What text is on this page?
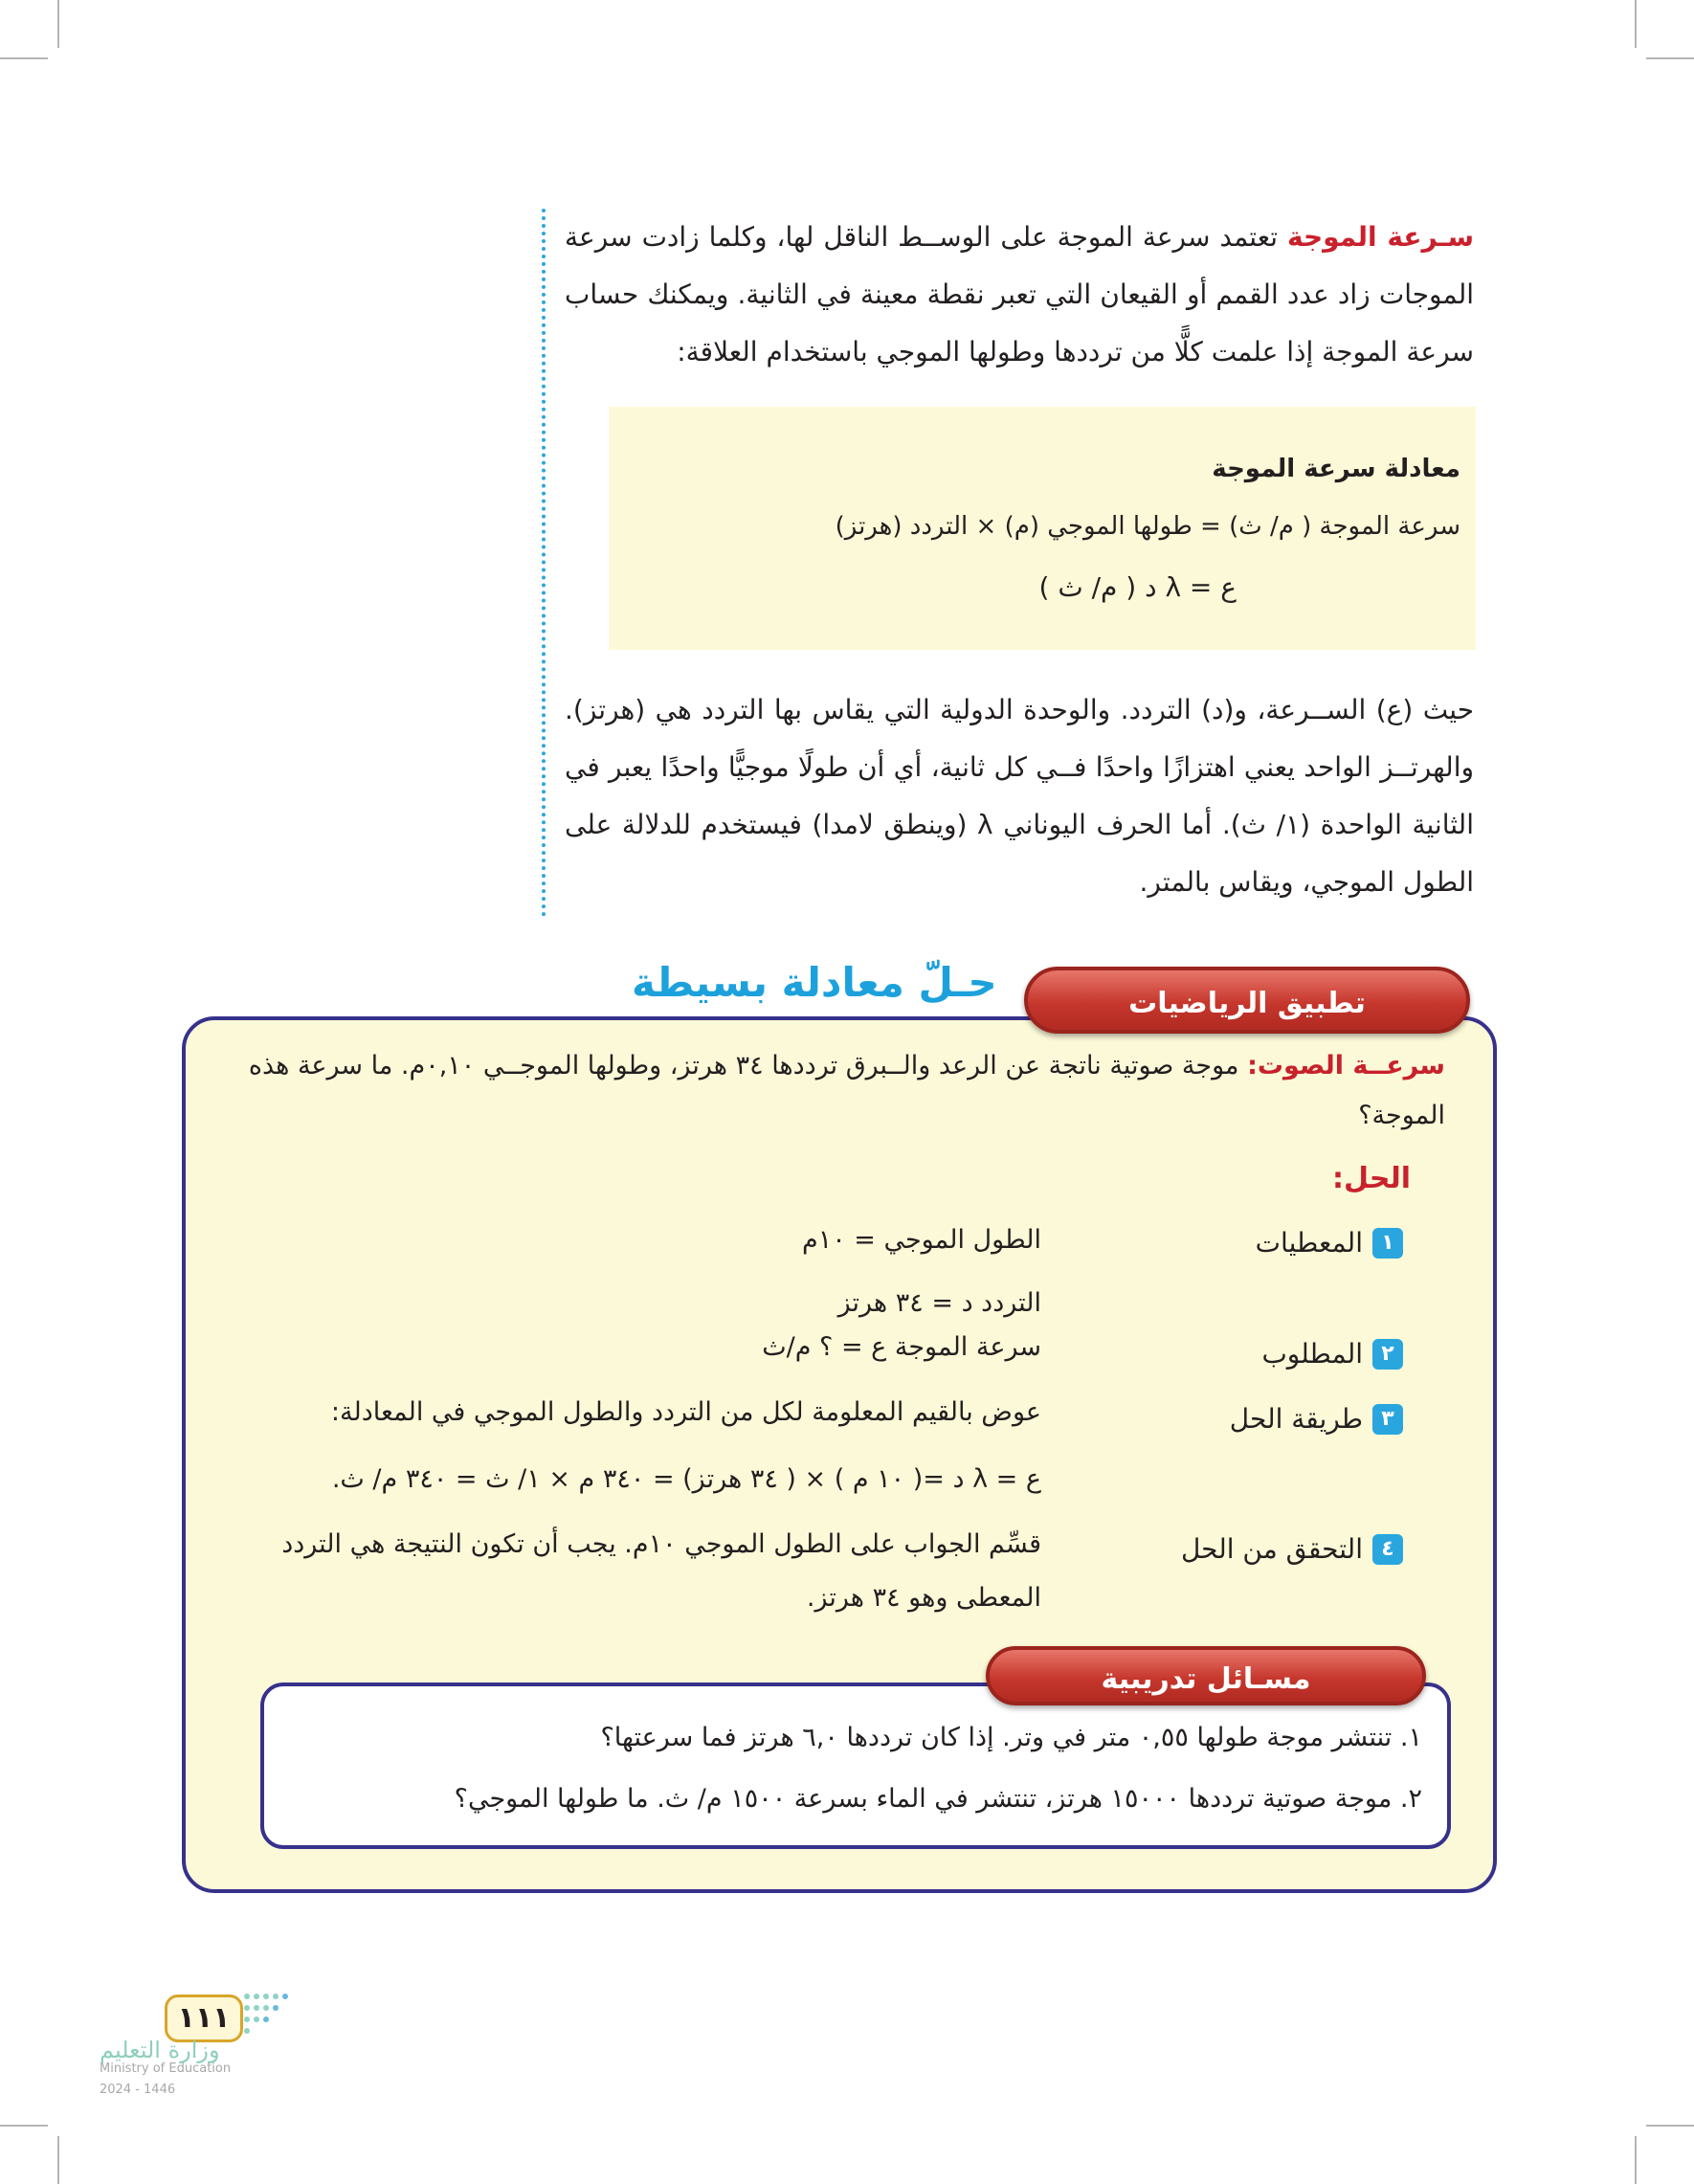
سـرعة الموجة تعتمد سرعة الموجة على الوســط الناقل لها، وكلما زادت سرعة الموجات زاد عدد القمم أو القيعان التي تعبر نقطة معينة في الثانية. ويمكنك حساب سرعة الموجة إذا علمت كلًّا من ترددها وطولها الموجي باستخدام العلاقة:
معادلة سرعة الموجة
سرعة الموجة ( م/ ث) = طولها الموجي (م) × التردد (هرتز)
ع = λ د ( م/ ث )
حيث (ع) الســرعة، و(د) التردد. والوحدة الدولية التي يقاس بها التردد هي (هرتز). والهرتــز الواحد يعني اهتزازًا واحدًا فــي كل ثانية، أي أن طولًا موجيًّا واحدًا يعبر في الثانية الواحدة (١/ ث). أما الحرف اليوناني λ (وينطق لامدا) فيستخدم للدلالة على الطول الموجي، ويقاس بالمتر.
حـلّ معادلة بسيطة	تطبيق الرياضيات
سرعــة الصوت: موجة صوتية ناتجة عن الرعد والــبرق ترددها ٣٤ هرتز، وطولها الموجــي ٠,١٠م. ما سرعة هذه الموجة؟
الحل:
١
المعطيات
٢
المطلوب
٣
طريقة الحل
٤
التحقق من الحل
الطول الموجي = ١٠م
التردد د = ٣٤ هرتز
سرعة الموجة ع = ؟ م/ث
عوض بالقيم المعلومة لكل من التردد والطول الموجي في المعادلة:
ع = λ د =( ١٠ م ) × ( ٣٤ هرتز) = ٣٤٠ م × ١/ ث = ٣٤٠ م/ ث.
قسِّم الجواب على الطول الموجي ١٠م. يجب أن تكون النتيجة هي التردد
المعطى وهو ٣٤ هرتز.
مسـائل تدريبية
١. تنتشر موجة طولها ٠,٥٥ متر في وتر. إذا كان ترددها ٦,٠ هرتز فما سرعتها؟
٢. موجة صوتية ترددها ١٥٠٠٠ هرتز، تنتشر في الماء بسرعة ١٥٠٠ م/ ث. ما طولها الموجي؟
١١١
وزارة التعليم
Ministry of Education
2024 - 1446
